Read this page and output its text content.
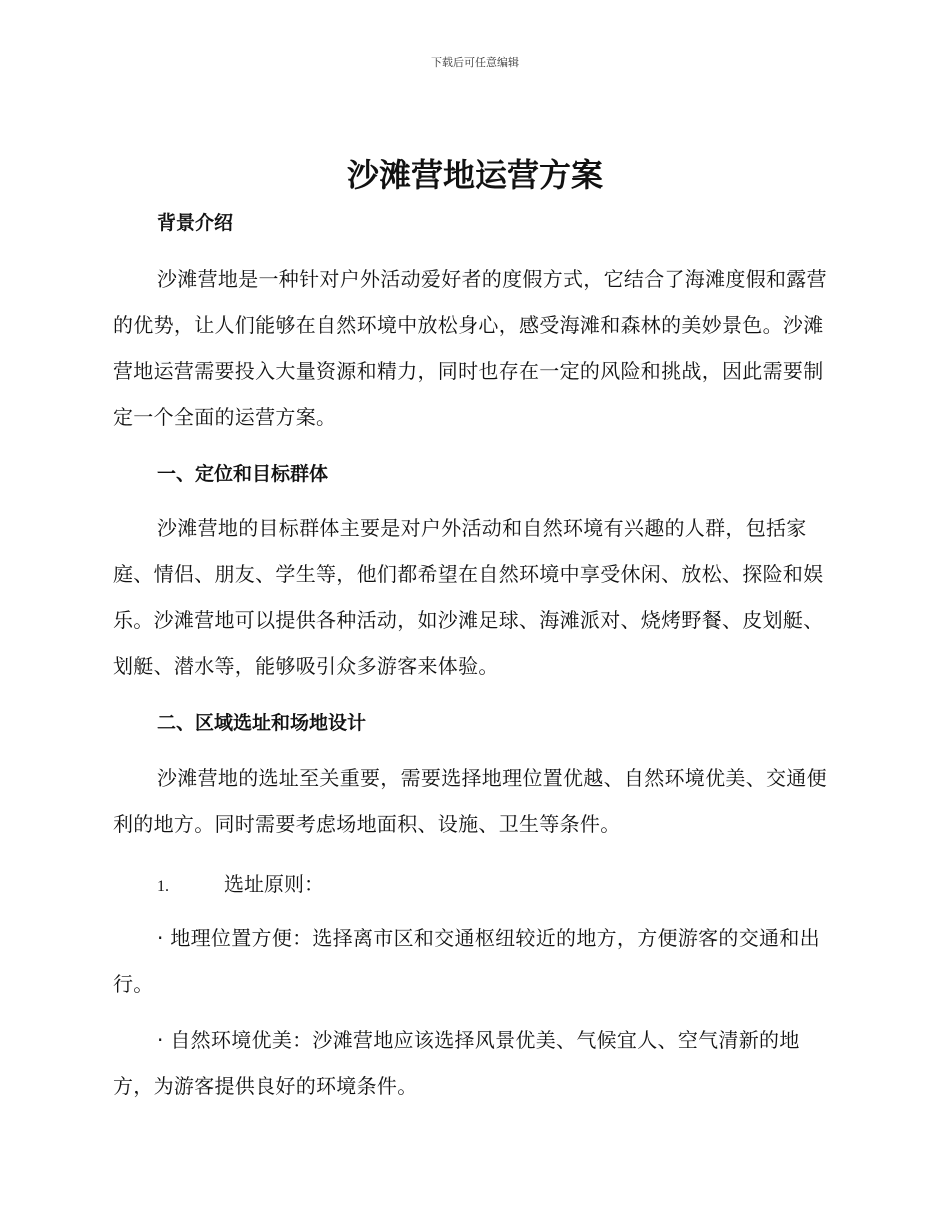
下载后可任意编辑
沙滩营地运营方案
背景介绍

沙滩营地是一种针对户外活动爱好者的度假方式，它结合了海滩度假和露营的优势，让人们能够在自然环境中放松身心，感受海滩和森林的美妙景色。沙滩营地运营需要投入大量资源和精力，同时也存在一定的风险和挑战，因此需要制定一个全面的运营方案。

一、定位和目标群体

沙滩营地的目标群体主要是对户外活动和自然环境有兴趣的人群，包括家庭、情侣、朋友、学生等，他们都希望在自然环境中享受休闲、放松、探险和娱乐。沙滩营地可以提供各种活动，如沙滩足球、海滩派对、烧烤野餐、皮划艇、划艇、潜水等，能够吸引众多游客来体验。

二、区域选址和场地设计

沙滩营地的选址至关重要，需要选择地理位置优越、自然环境优美、交通便利的地方。同时需要考虑场地面积、设施、卫生等条件。

1.	选址原则：

· 地理位置方便：选择离市区和交通枢纽较近的地方，方便游客的交通和出行。

· 自然环境优美：沙滩营地应该选择风景优美、气候宜人、空气清新的地方，为游客提供良好的环境条件。
